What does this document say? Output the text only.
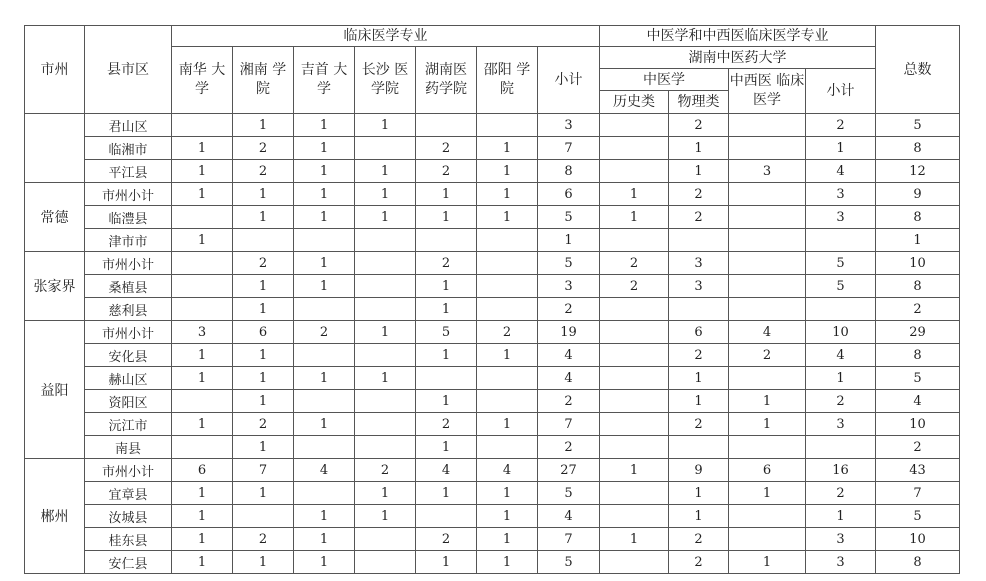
市州	县市区	临床医学专业							中医学和中西医临床医学专业				总数
		南华 大学	湘南 学院	吉首 大学	长沙 医学院	湖南医 药学院	邵阳 学院	小计	湖南中医药大学				
									中医学		中西医 临床医学	小计	
									历史类	物理类			
	君山区		1	1	1			3		2		2	5
	临湘市	1	2	1		2	1	7		1		1	8
	平江县	1	2	1	1	2	1	8		1	3	4	12
常德	市州小计	1	1	1	1	1	1	6	1	2		3	9
	临澧县		1	1	1	1	1	5	1	2		3	8
	津市市	1						1					1
张家界	市州小计		2	1		2		5	2	3		5	10
	桑植县		1	1		1		3	2	3		5	8
	慈利县		1			1		2					2
益阳	市州小计	3	6	2	1	5	2	19		6	4	10	29
	安化县	1	1			1	1	4		2	2	4	8
	赫山区	1	1	1	1			4		1		1	5
	资阳区		1			1		2		1	1	2	4
	沅江市	1	2	1		2	1	7		2	1	3	10
	南县		1			1		2					2
郴州	市州小计	6	7	4	2	4	4	27	1	9	6	16	43
	宜章县	1	1		1	1	1	5		1	1	2	7
	汝城县	1		1	1		1	4		1		1	5
	桂东县	1	2	1		2	1	7	1	2		3	10
	安仁县	1	1	1		1	1	5		2	1	3	8
